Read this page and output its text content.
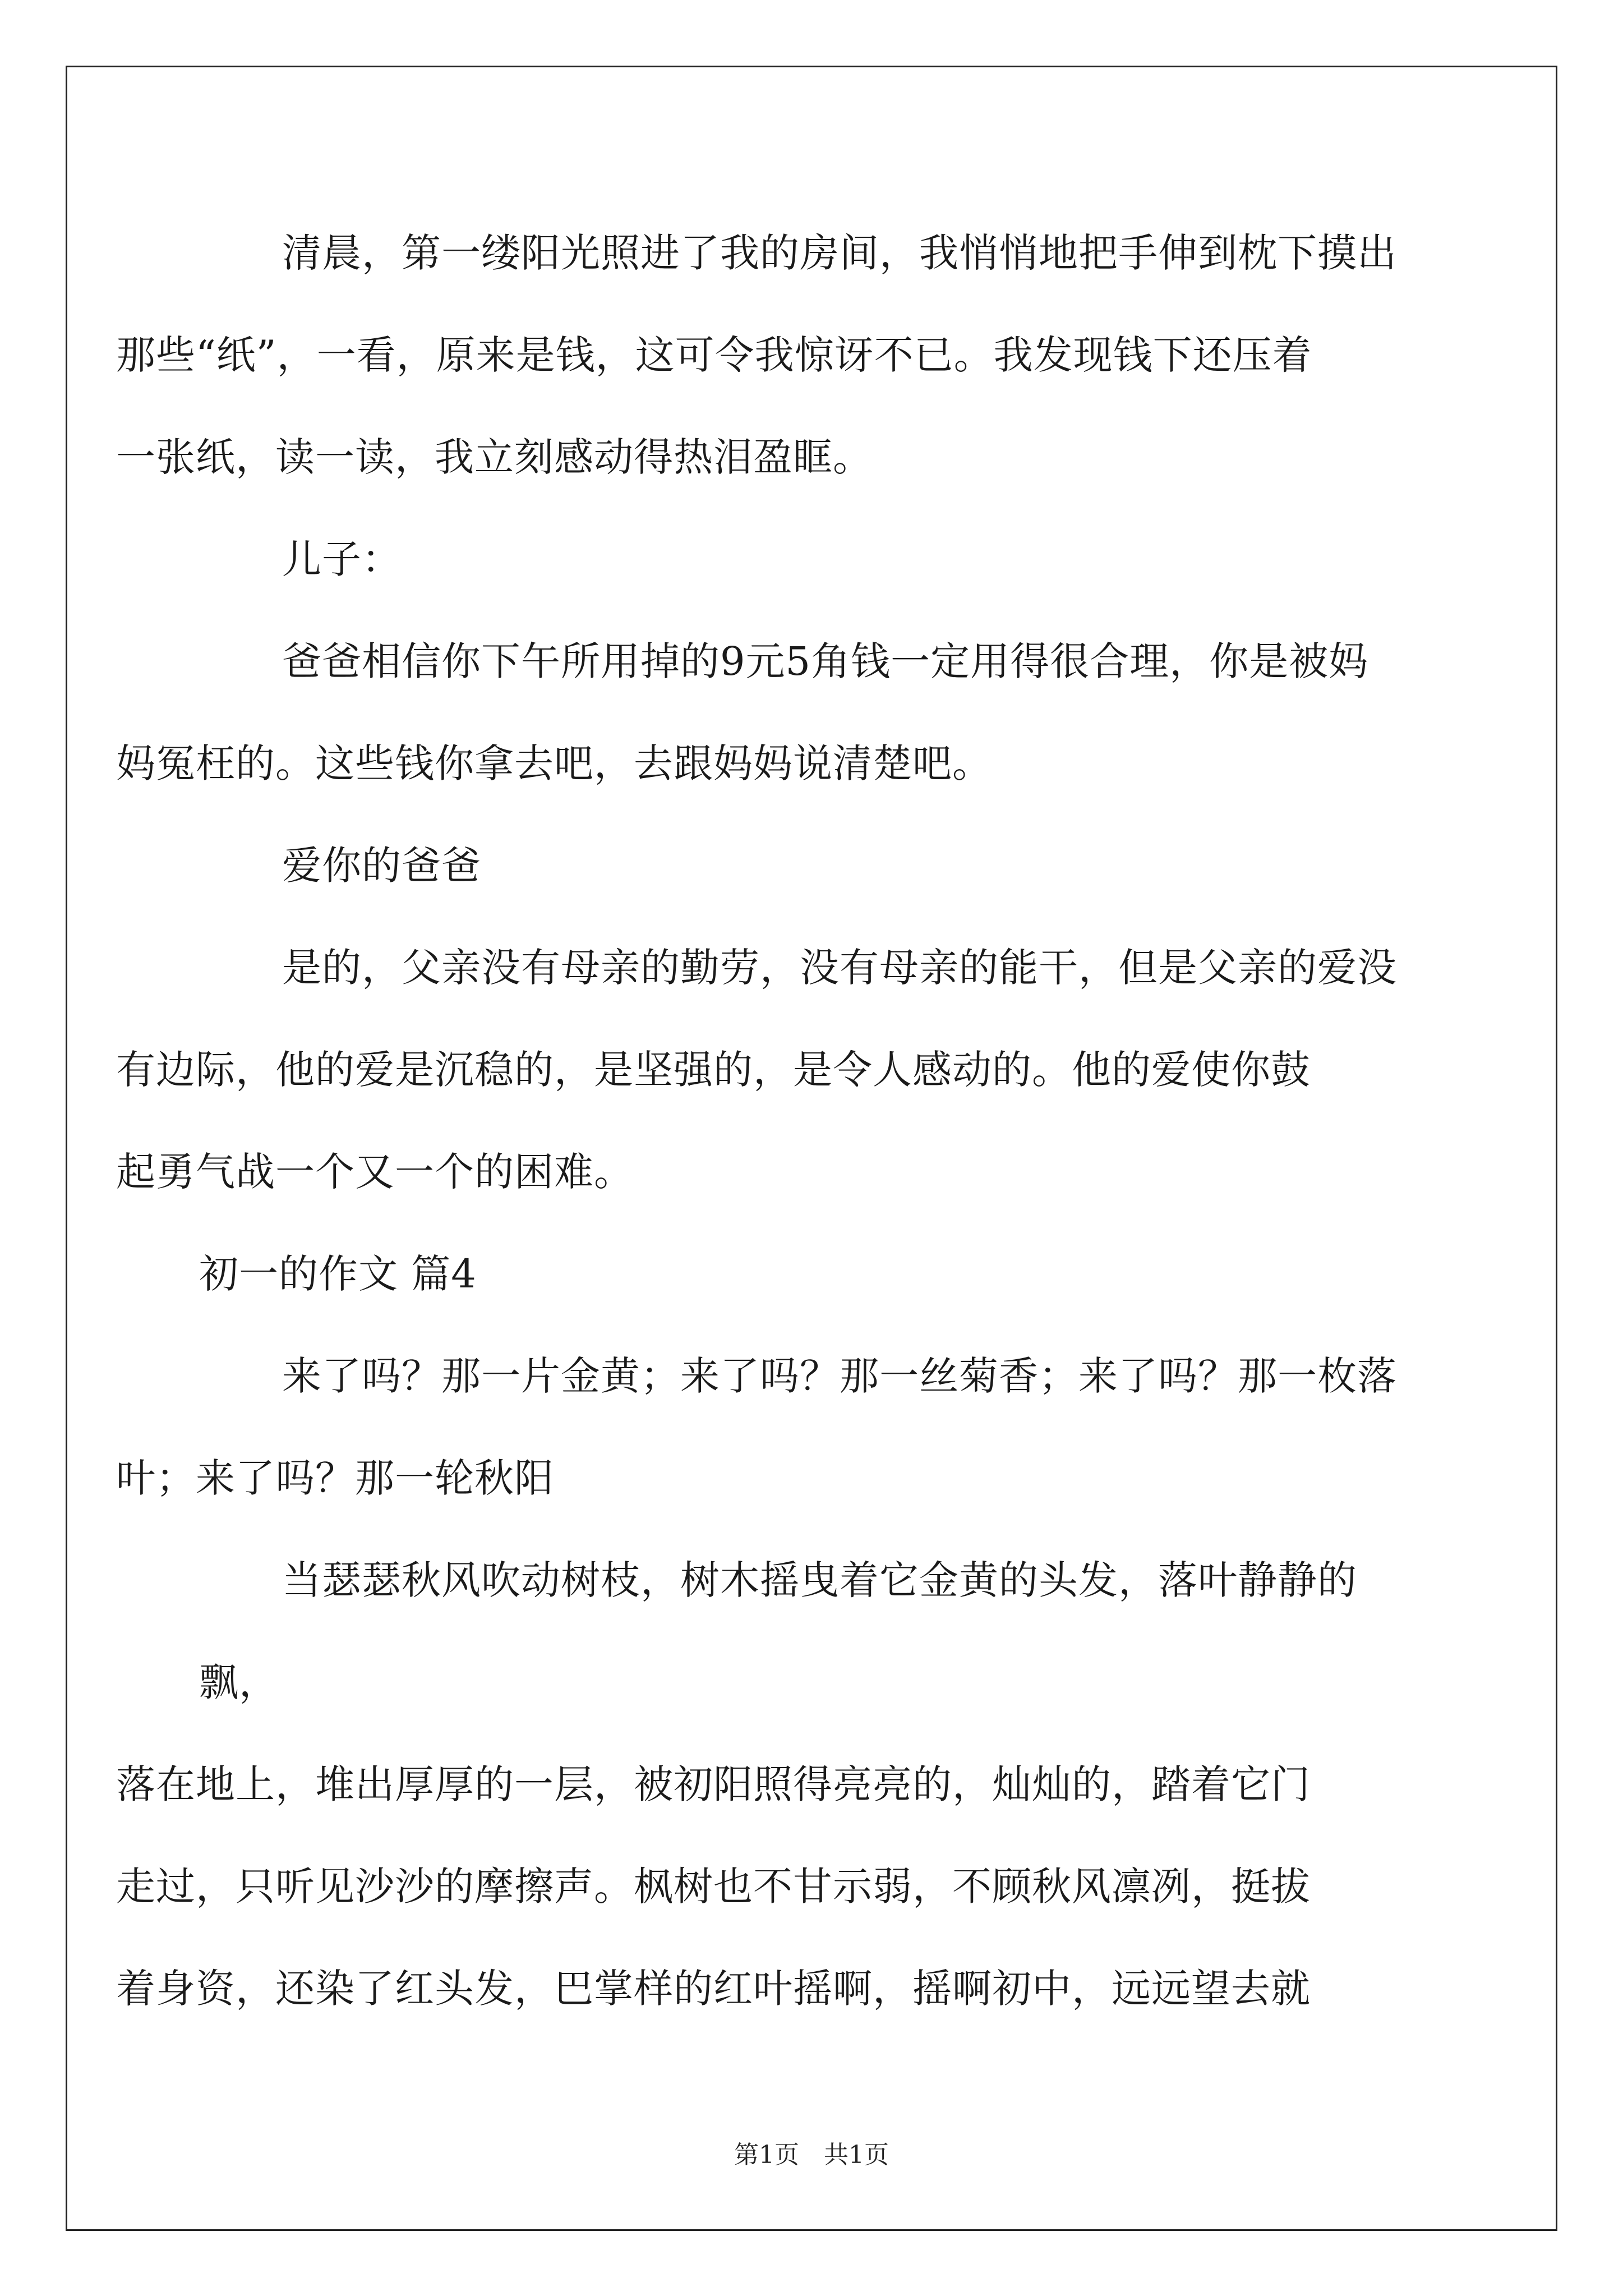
清晨，第一缕阳光照进了我的房间，我悄悄地把手伸到枕下摸出
那些“纸”，一看，原来是钱，这可令我惊讶不已。我发现钱下还压着
一张纸，读一读，我立刻感动得热泪盈眶。

儿子：

爸爸相信你下午所用掉的9元5角钱一定用得很合理，你是被妈
妈冤枉的。这些钱你拿去吧，去跟妈妈说清楚吧。

爱你的爸爸

是的，父亲没有母亲的勤劳，没有母亲的能干，但是父亲的爱没
有边际，他的爱是沉稳的，是坚强的，是令人感动的。他的爱使你鼓
起勇气战一个又一个的困难。

初一的作文 篇4

来了吗？那一片金黄；来了吗？那一丝菊香；来了吗？那一枚落
叶；来了吗？那一轮秋阳

当瑟瑟秋风吹动树枝，树木摇曳着它金黄的头发，落叶静静的飘，
落在地上，堆出厚厚的一层，被初阳照得亮亮的，灿灿的，踏着它门
走过，只听见沙沙的摩擦声。枫树也不甘示弱，不顾秋风凛冽，挺拔
着身资，还染了红头发，巴掌样的红叶摇啊，摇啊初中，远远望去就

第1页　共1页
